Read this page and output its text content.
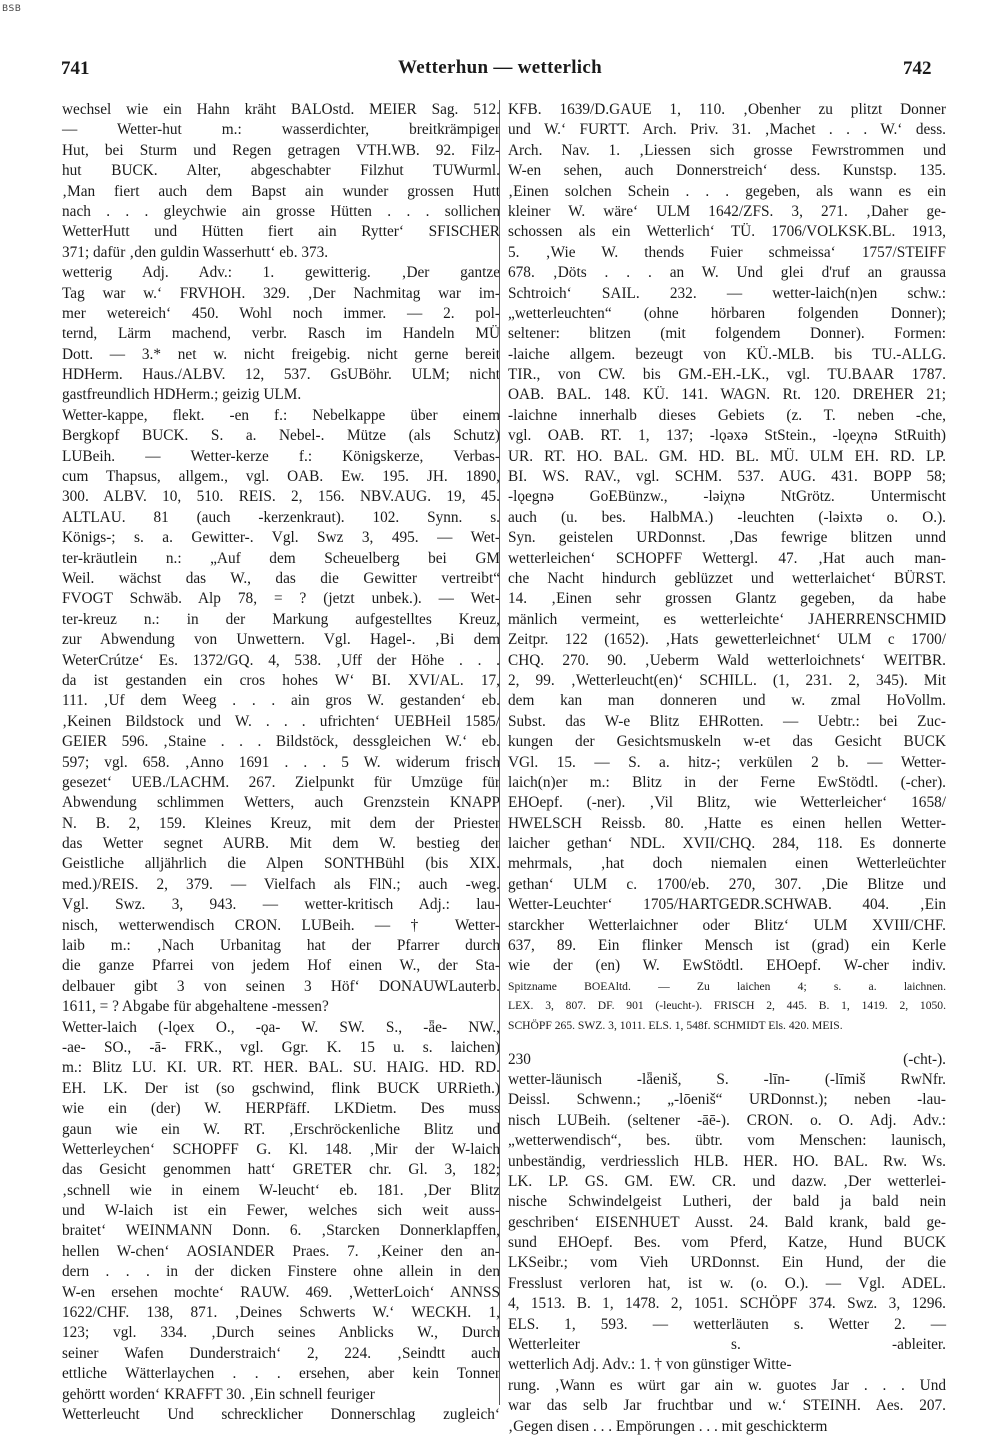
BSB
741	Wetterhun — wetterlich	742
wechsel wie ein Hahn kräht BALOstd. MEIER Sag. 512.
— Wetter-hut m.: wasserdichter, breitkrämpiger
Hut, bei Sturm und Regen getragen VTH.WB. 92. Filz-
hut BUCK. Alter, abgeschabter Filzhut TUWurml.
‚Man fiert auch dem Bapst ain wunder grossen Hutt
nach . . . gleychwie ain grosse Hütten . . . sollichen
WetterHutt und Hütten fiert ain Rytter‘ SFISCHER
371; dafür ‚den guldin Wasserhutt‘ eb. 373.
wetterig Adj. Adv.: 1. gewitterig. ‚Der gantze
Tag war w.‘ FRVHOH. 329. ‚Der Nachmitag war im-
mer wetereich‘ 450. Wohl noch immer. — 2. pol-
ternd, Lärm machend, verbr. Rasch im Handeln MÜ
Dott. — 3.* net w. nicht freigebig. nicht gerne bereit
HDHerm. Haus./ALBV. 12, 537. GsUBöhr. ULM; nicht
gastfreundlich HDHerm.; geizig ULM.
Wetter-kappe, flekt. -en f.: Nebelkappe über einem
Bergkopf BUCK. S. a. Nebel-. Mütze (als Schutz)
LUBeih. — Wetter-kerze f.: Königskerze, Verbas-
cum Thapsus, allgem., vgl. OAB. Ew. 195. JH. 1890,
300. ALBV. 10, 510. REIS. 2, 156. NBV.AUG. 19, 45.
ALTLAU. 81 (auch -kerzenkraut). 102. Synn. s.
Königs-; s. a. Gewitter-. Vgl. Swz 3, 495. — Wet-
ter-kräutlein n.: „Auf dem Scheuelberg bei GM
Weil. wächst das W., das die Gewitter vertreibt“
FVOGT Schwäb. Alp 78, = ? (jetzt unbek.). — Wet-
ter-kreuz n.: in der Markung aufgestelltes Kreuz,
zur Abwendung von Unwettern. Vgl. Hagel-. ‚Bi dem
WeterCrútze‘ Es. 1372/GQ. 4, 538. ‚Uff der Höhe . . .
da ist gestanden ein cros hohes W‘ BI. XVI/AL. 17,
111. ‚Uf dem Weeg . . . ain gros W. gestanden‘ eb.
‚Keinen Bildstock und W. . . . ufrichten‘ UEBHeil 1585/
GEIER 596. ‚Staine . . . Bildstöck, dessgleichen W.‘ eb.
597; vgl. 658. ‚Anno 1691 . . . 5 W. widerum frisch
gesezet‘ UEB./LACHM. 267. Zielpunkt für Umzüge für
Abwendung schlimmen Wetters, auch Grenzstein KNAPP
N. B. 2, 159. Kleines Kreuz, mit dem der Priester
das Wetter segnet AURB. Mit dem W. bestieg der
Geistliche alljährlich die Alpen SONTHBühl (bis XIX.
med.)/REIS. 2, 379. — Vielfach als FlN.; auch -weg.
Vgl. Swz. 3, 943. — wetter-kritisch Adj.: lau-
nisch, wetterwendisch CRON. LUBeih. — † Wetter-
laib m.: ‚Nach Urbanitag hat der Pfarrer durch
die ganze Pfarrei von jedem Hof einen W., der Sta-
delbauer gibt 3 von seinen 3 Höf‘ DONAUWLauterb.
1611, = ? Abgabe für abgehaltene -messen?
Wetter-laich (-lǫex O., -ǫa- W. SW. S., -ǟe- NW.,
-ae- SO., -ā- FRK., vgl. Ggr. K. 15 u. s. laichen)
m.: Blitz LU. KI. UR. RT. HER. BAL. SU. HAIG. HD. RD.
EH. LK. Der ist (so gschwind, flink BUCK URRieth.)
wie ein (der) W. HERPfäff. LKDietm. Des muss
gaun wie ein W. RT. ‚Erschröckenliche Blitz und
Wetterleychen‘ SCHOPFF G. Kl. 148. ‚Mir der W-laich
das Gesicht genommen hatt‘ GRETER chr. Gl. 3, 182;
‚schnell wie in einem W-leucht‘ eb. 181. ‚Der Blitz
und W-laich ist ein Fewer, welches sich weit auss-
braitet‘ WEINMANN Donn. 6. ‚Starcken Donnerklapffen,
hellen W-chen‘ AOSIANDER Praes. 7. ‚Keiner den an-
dern . . . in der dicken Finstere ohne allein in den
W-en ersehen mochte‘ RAUW. 469. ‚WetterLoich‘ ANNSS
1622/CHF. 138, 871. ‚Deines Schwerts W.‘ WECKH. 1,
123; vgl. 334. ‚Durch seines Anblicks W., Durch
seiner Wafen Dunderstraich‘ 2, 224. ‚Seindtt auch
ettliche Wätterlaychen . . . ersehen, aber kein Tonner
gehörtt worden‘ KRAFFT 30. ‚Ein schnell feuriger
Wetterleucht Und schrecklicher Donnerschlag zugleich‘
KFB. 1639/D.GAUE 1, 110. ‚Obenher zu plitzt Donner
und W.‘ FURTT. Arch. Priv. 31. ‚Machet . . . W.‘ dess.
Arch. Nav. 1. ‚Liessen sich grosse Fewrstrommen und
W-en sehen, auch Donnerstreich‘ dess. Kunstsp. 135.
‚Einen solchen Schein . . . gegeben, als wann es ein
kleiner W. wäre‘ ULM 1642/ZFS. 3, 271. ‚Daher ge-
schossen als ein Wetterlich‘ TÜ. 1706/VOLKSK.BL. 1913,
5. ‚Wie W. thends Fuier schmeissa‘ 1757/STEIFF
678. ‚Döts . . . an W. Und glei d'ruf an graussa
Schtroich‘ SAIL. 232. — wetter-laich(n)en schw.:
„wetterleuchten“ (ohne hörbaren folgenden Donner);
seltener: blitzen (mit folgendem Donner). Formen:
-laiche allgem. bezeugt von KÜ.-MLB. bis TU.-ALLG.
TIR., von CW. bis GM.-EH.-LK., vgl. TU.BAAR 1787.
OAB. BAL. 148. KÜ. 141. WAGN. Rt. 120. DREHER 21;
-laichne innerhalb dieses Gebiets (z. T. neben -che,
vgl. OAB. RT. 1, 137; -lǫəxə StStein., -lǫeχnə StRuith)
UR. RT. HO. BAL. GM. HD. BL. MÜ. ULM EH. RD. LP.
BI. WS. RAV., vgl. SCHM. 537. AUG. 431. BOPP 58;
-lǫegnə GoEBünzw., -ləiχnə NtGrötz. Untermischt
auch (u. bes. HalbMA.) -leuchten (-ləixtə o. O.).
Syn. geistelen URDonnst. ‚Das fewrige blitzen unnd
wetterleichen‘ SCHOPFF Wettergl. 47. ‚Hat auch man-
che Nacht hindurch geblüzzet und wetterlaichet‘ BÜRST.
14. ‚Einen sehr grossen Glantz gegeben, da habe
mänlich vermeint, es wetterleichte‘ JAHERRENSCHMID
Zeitpr. 122 (1652). ‚Hats gewetterleichnet‘ ULM c 1700/
CHQ. 270. 90. ‚Ueberm Wald wetterloichnets‘ WEITBR.
2, 99. ‚Wetterleucht(en)‘ SCHILL. (1, 231. 2, 345). Mit
dem kan man donneren und w. zmal HoVollm.
Subst. das W-e Blitz EHRotten. — Uebtr.: bei Zuc-
kungen der Gesichtsmuskeln w-et das Gesicht BUCK
VGl. 15. — S. a. hitz-; verkülen 2 b. — Wetter-
laich(n)er m.: Blitz in der Ferne EwStödtl. (-cher).
EHOepf. (-ner). ‚Vil Blitz, wie Wetterleicher‘ 1658/
HWELSCH Reissb. 80. ‚Hatte es einen hellen Wetter-
laicher gethan‘ NDL. XVII/CHQ. 284, 118. Es donnerte
mehrmals, ‚hat doch niemalen einen Wetterleüchter
gethan‘ ULM c. 1700/eb. 270, 307. ‚Die Blitze und
Wetter-Leuchter‘ 1705/HARTGEDR.SCHWAB. 404. ‚Ein
starckher Wetterlaichner oder Blitz‘ ULM XVIII/CHF.
637, 89. Ein flinker Mensch ist (grad) ein Kerle
wie der (en) W. EwStödtl. EHOepf. W-cher indiv.
Spitzname BOEAltd. — Zu laichen 4; s. a. laichnen.
LEX. 3, 807. DF. 901 (-leucht-). FRISCH 2, 445. B. 1, 1419. 2, 1050.
SCHÖPF 265. SWZ. 3, 1011. ELS. 1, 548f. SCHMIDT Els. 420. MEIS.
230 (-cht-).
wetter-läunisch -lǟeniš, S. -līn- (-līmiš RwNfr.
Deissl. Schwenn.; „-lōeniš“ URDonnst.); neben -lau-
nisch LUBeih. (seltener -āē-). CRON. o. O. Adj. Adv.:
„wetterwendisch“, bes. übtr. vom Menschen: launisch,
unbeständig, verdriesslich HLB. HER. HO. BAL. Rw. Ws.
LK. LP. GS. GM. EW. CR. und dazw. ‚Der wetterlei-
nische Schwindelgeist Lutheri, der bald ja bald nein
geschriben‘ EISENHUET Ausst. 24. Bald krank, bald ge-
sund EHOepf. Bes. vom Pferd, Katze, Hund BUCK
LKSeibr.; vom Vieh URDonnst. Ein Hund, der die
Fresslust verloren hat, ist w. (o. O.). — Vgl. ADEL.
4, 1513. B. 1, 1478. 2, 1051. SCHÖPF 374. Swz. 3, 1296.
ELS. 1, 593. — wetterläuten s. Wetter 2. —
Wetterleiter s. -ableiter.
wetterlich Adj. Adv.: 1. † von günstiger Witte-
rung. ‚Wann es würt gar ain w. guotes Jar . . . Und
war das selb Jar fruchtbar und w.‘ STEINH. Aes. 207.
‚Gegen disen . . . Empörungen . . . mit geschickterm
